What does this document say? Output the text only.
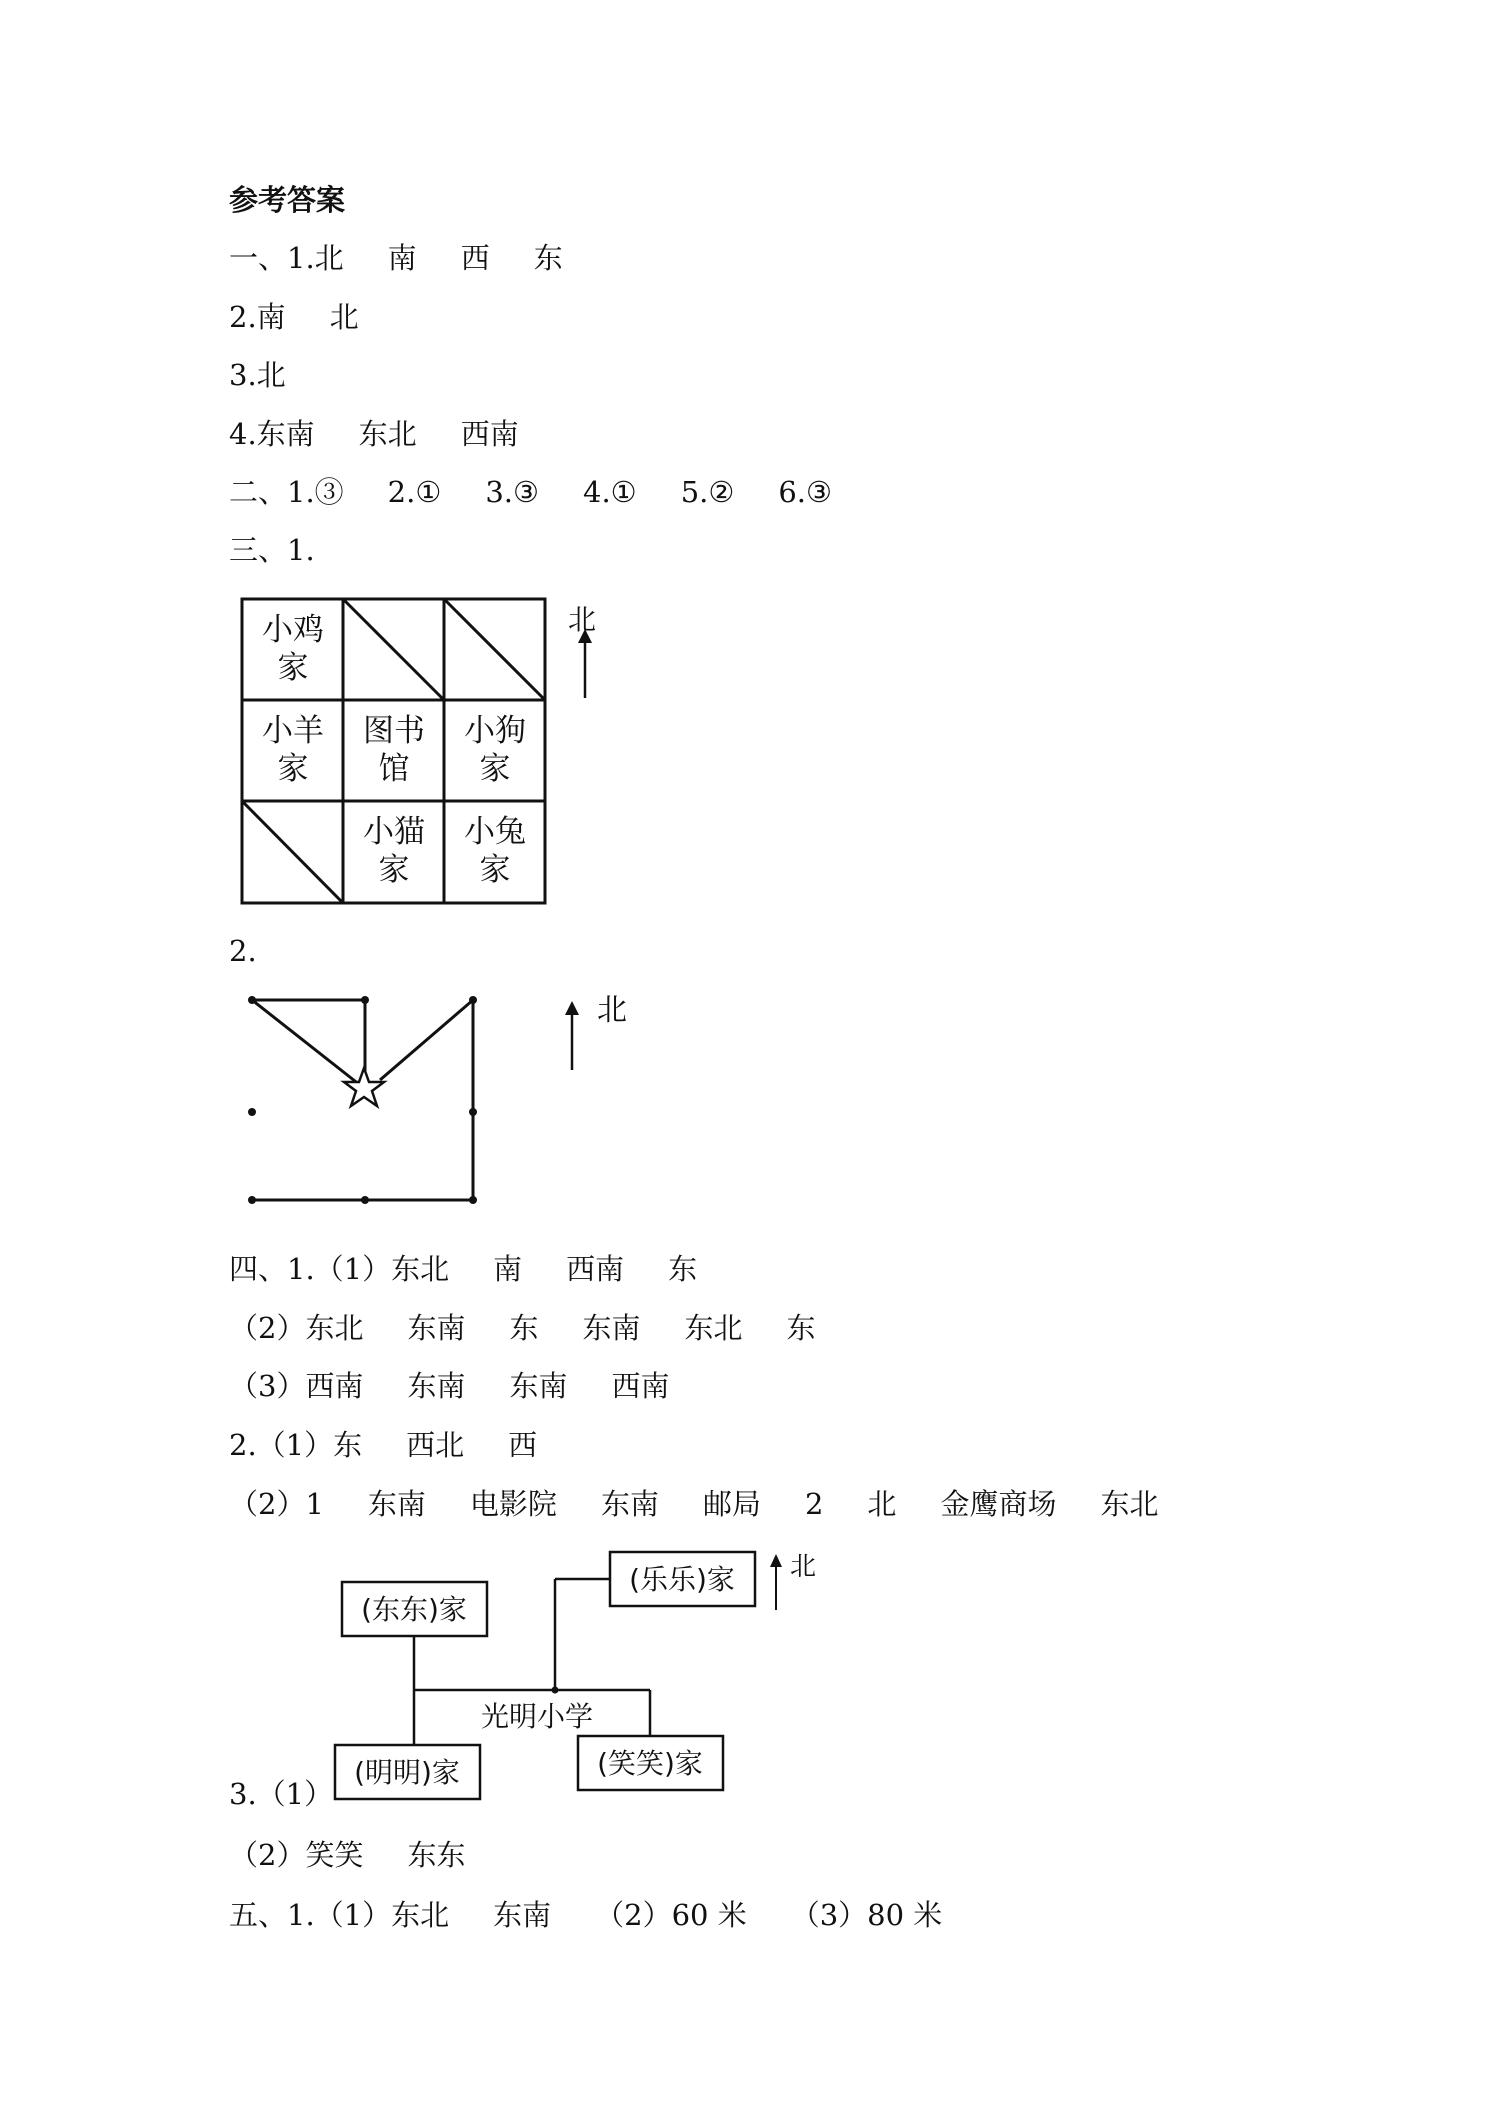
参考答案
一、1.北 南 西 东
2.南 北
3.北
4.东南 东北 西南
二、1.③ 2.① 3.③ 4.① 5.② 6.③
三、1.
小鸡
家
小羊
家
图书
馆
小狗
家
小猫
家
小兔
家
北
2.
北
四、1.（1）东北 南 西南 东
（2）东北 东南 东 东南 东北 东
（3）西南 东南 东南 西南
2.（1）东 西北 西
（2）1 东南 电影院 东南 邮局 2 北 金鹰商场 东北
(东东)家
(乐乐)家
(明明)家	(笑笑)家
光明小学
北
3.（1）
（2）笑笑 东东
五、1.（1）东北 东南 （2）60 米 （3）80 米
